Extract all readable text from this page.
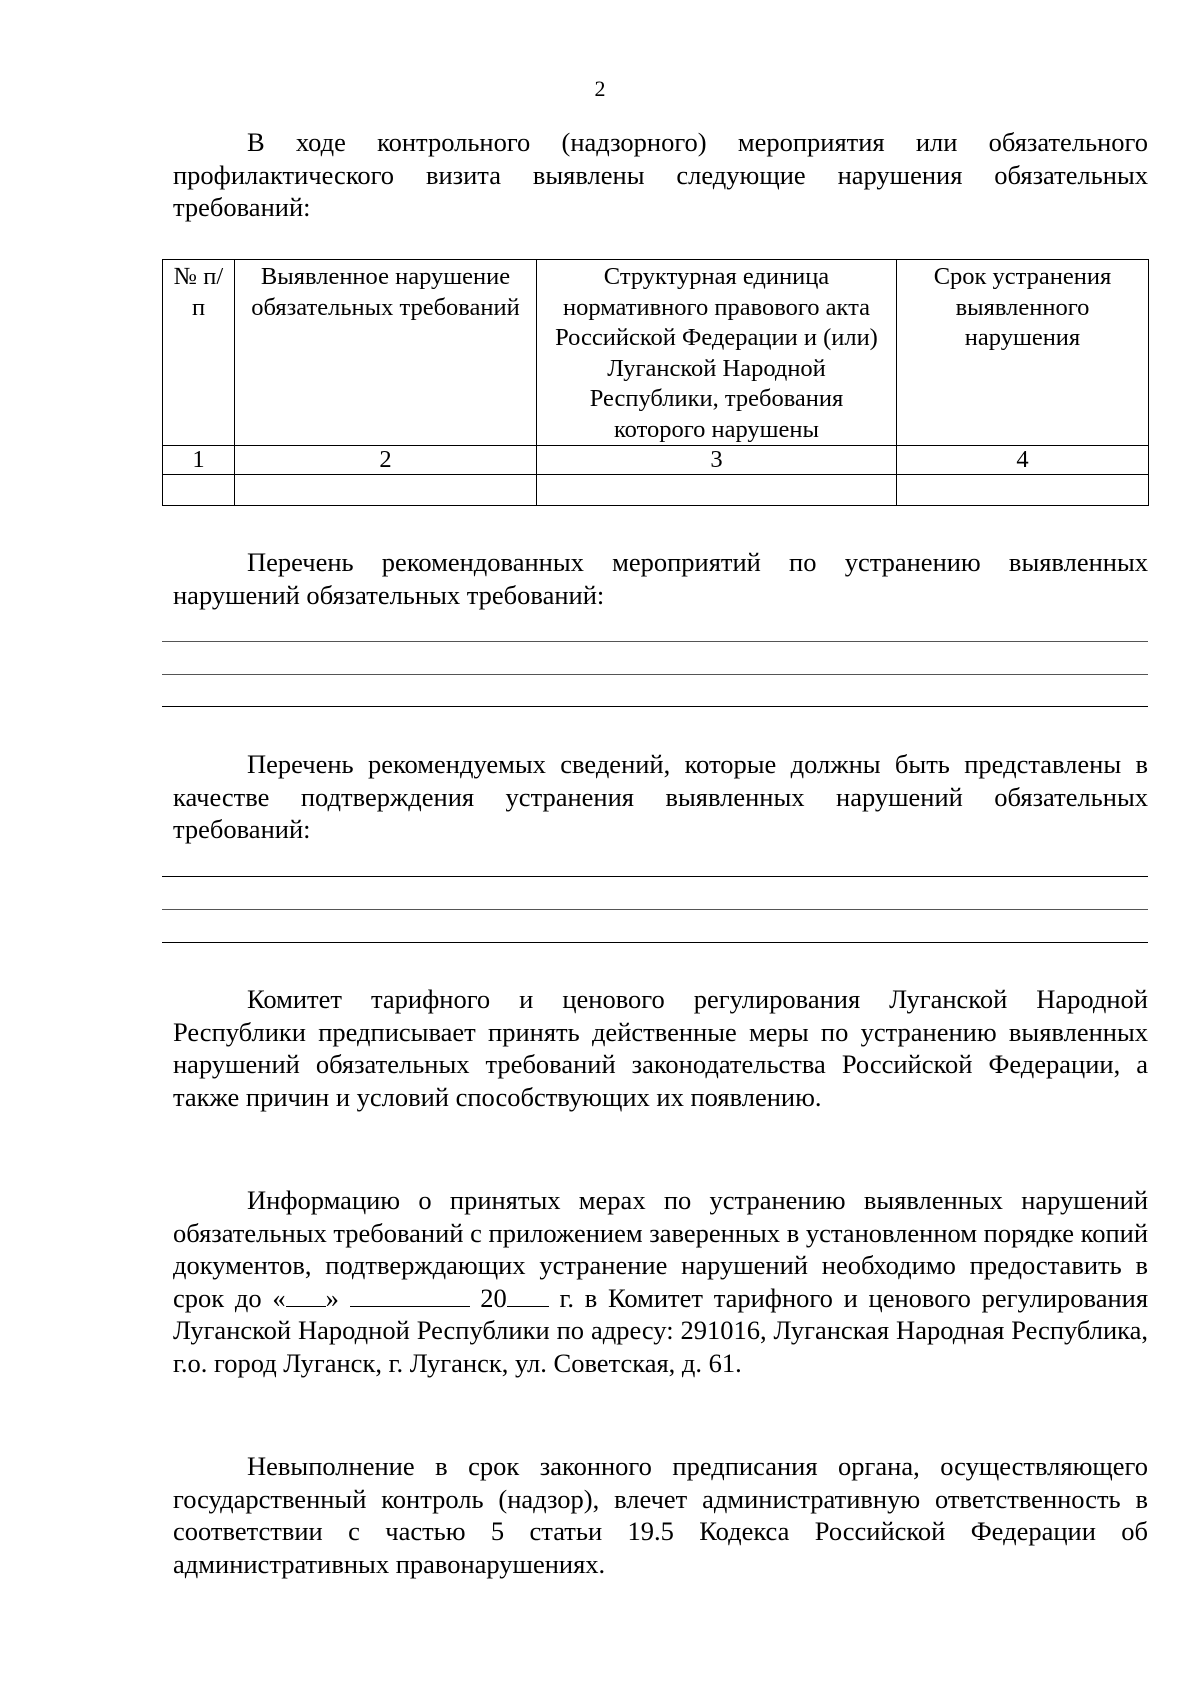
2
В ходе контрольного (надзорного) мероприятия или обязательного профилактического визита выявлены следующие нарушения обязательных требований:
№ п/п	Выявленное нарушение обязательных требований	Структурная единица нормативного правового акта Российской Федерации и (или) Луганской Народной Республики, требования которого нарушены	Срок устранения выявленного нарушения
1	2	3	4

Перечень рекомендованных мероприятий по устранению выявленных нарушений обязательных требований:
Перечень рекомендуемых сведений, которые должны быть представлены в качестве подтверждения устранения выявленных нарушений обязательных требований:
Комитет тарифного и ценового регулирования Луганской Народной Республики предписывает принять действенные меры по устранению выявленных нарушений обязательных требований законодательства Российской Федерации, а также причин и условий способствующих их появлению.
Информацию о принятых мерах по устранению выявленных нарушений обязательных требований с приложением заверенных в установленном порядке копий документов, подтверждающих устранение нарушений необходимо предоставить в срок до « »	20 г. в Комитет тарифного и ценового регулирования Луганской Народной Республики по адресу: 291016, Луганская Народная Республика, г.о. город Луганск, г. Луганск, ул. Советская, д. 61.
Невыполнение в срок законного предписания органа, осуществляющего государственный контроль (надзор), влечет административную ответственность в соответствии с частью 5 статьи 19.5 Кодекса Российской Федерации об административных правонарушениях.
